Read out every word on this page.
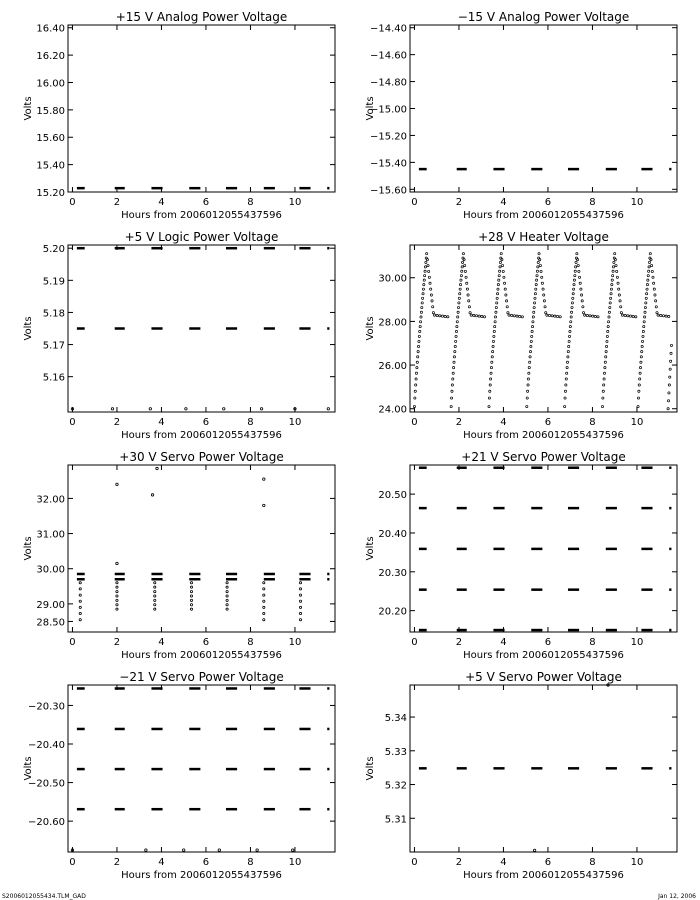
+15 V Analog Power Voltage
0	2	4	6	8	10
Hours from 2006012055437596
15.20
15.40
15.60
15.80
16.00
16.20
16.40
Volts
−15 V Analog Power Voltage
0	2	4	6	8	10
Hours from 2006012055437596
−14.40
−14.60
−14.80
−15.00
−15.20
−15.40
−15.60
Volts
+5 V Logic Power Voltage
0	2	4	6	8	10
Hours from 2006012055437596
5.16
5.17
5.18
5.19
5.20
Volts
+28 V Heater Voltage
0	2	4	6	8	10
Hours from 2006012055437596
24.00
26.00
28.00
30.00
Volts
+30 V Servo Power Voltage
0	2	4	6	8	10
Hours from 2006012055437596
28.50
29.00
30.00
31.00
32.00
Volts
+21 V Servo Power Voltage
0	2	4	6	8	10
Hours from 2006012055437596
20.20
20.30
20.40
20.50
Volts
−21 V Servo Power Voltage
0	2	4	6	8	10
Hours from 2006012055437596
−20.30
−20.40
−20.50
−20.60
Volts
+5 V Servo Power Voltage
0	2	4	6	8	10
Hours from 2006012055437596
5.31
5.32
5.33
5.34
Volts
S2006012055434.TLM_GAD	Jan 12, 2006
